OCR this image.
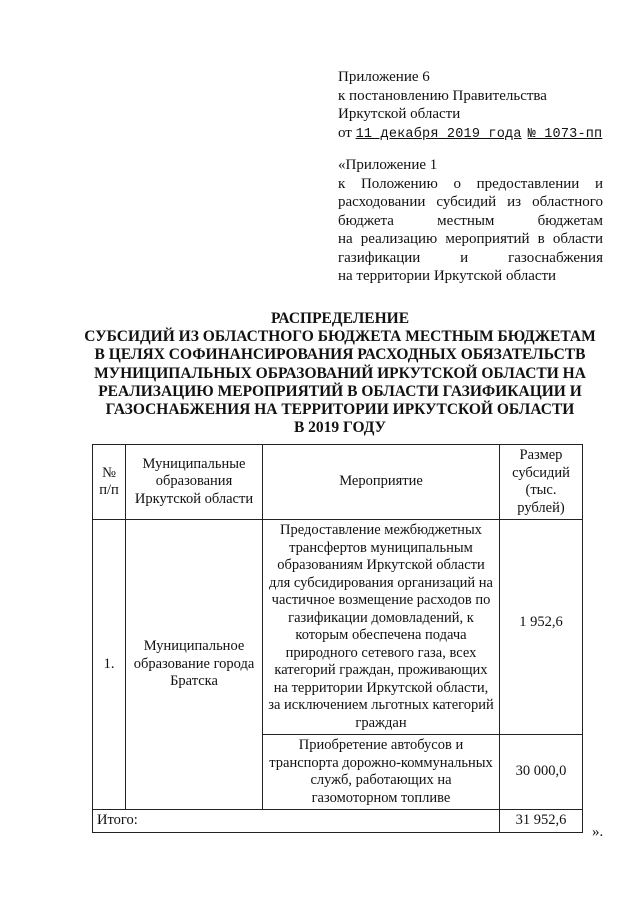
Приложение 6

к постановлению Правительства

Иркутской области

от 11 декабря 2019 года № 1073-пп

«Приложение 1

к Положению о предоставлении и

расходовании субсидий из областного

бюджета местным бюджетам

на реализацию мероприятий в области

газификации и газоснабжения

на территории Иркутской области

РАСПРЕДЕЛЕНИЕ
СУБСИДИЙ ИЗ ОБЛАСТНОГО БЮДЖЕТА МЕСТНЫМ БЮДЖЕТАМ
В ЦЕЛЯХ СОФИНАНСИРОВАНИЯ РАСХОДНЫХ ОБЯЗАТЕЛЬСТВ
МУНИЦИПАЛЬНЫХ ОБРАЗОВАНИЙ ИРКУТСКОЙ ОБЛАСТИ НА
РЕАЛИЗАЦИЮ МЕРОПРИЯТИЙ В ОБЛАСТИ ГАЗИФИКАЦИИ И
ГАЗОСНАБЖЕНИЯ НА ТЕРРИТОРИИ ИРКУТСКОЙ ОБЛАСТИ
В 2019 ГОДУ
№ п/п	Муниципальные образования Иркутской области	Мероприятие	Размер субсидий (тыс. рублей)
1.	Муниципальное образование города Братска	Предоставление межбюджетных трансфертов муниципальным образованиям Иркутской области для субсидирования организаций на частичное возмещение расходов по газификации домовладений, к которым обеспечена подача природного сетевого газа, всех категорий граждан, проживающих на территории Иркутской области, за исключением льготных категорий граждан	1 952,6
		Приобретение автобусов и транспорта дорожно-коммунальных служб, работающих на газомоторном топливе	30 000,0
Итого:			31 952,6
».
